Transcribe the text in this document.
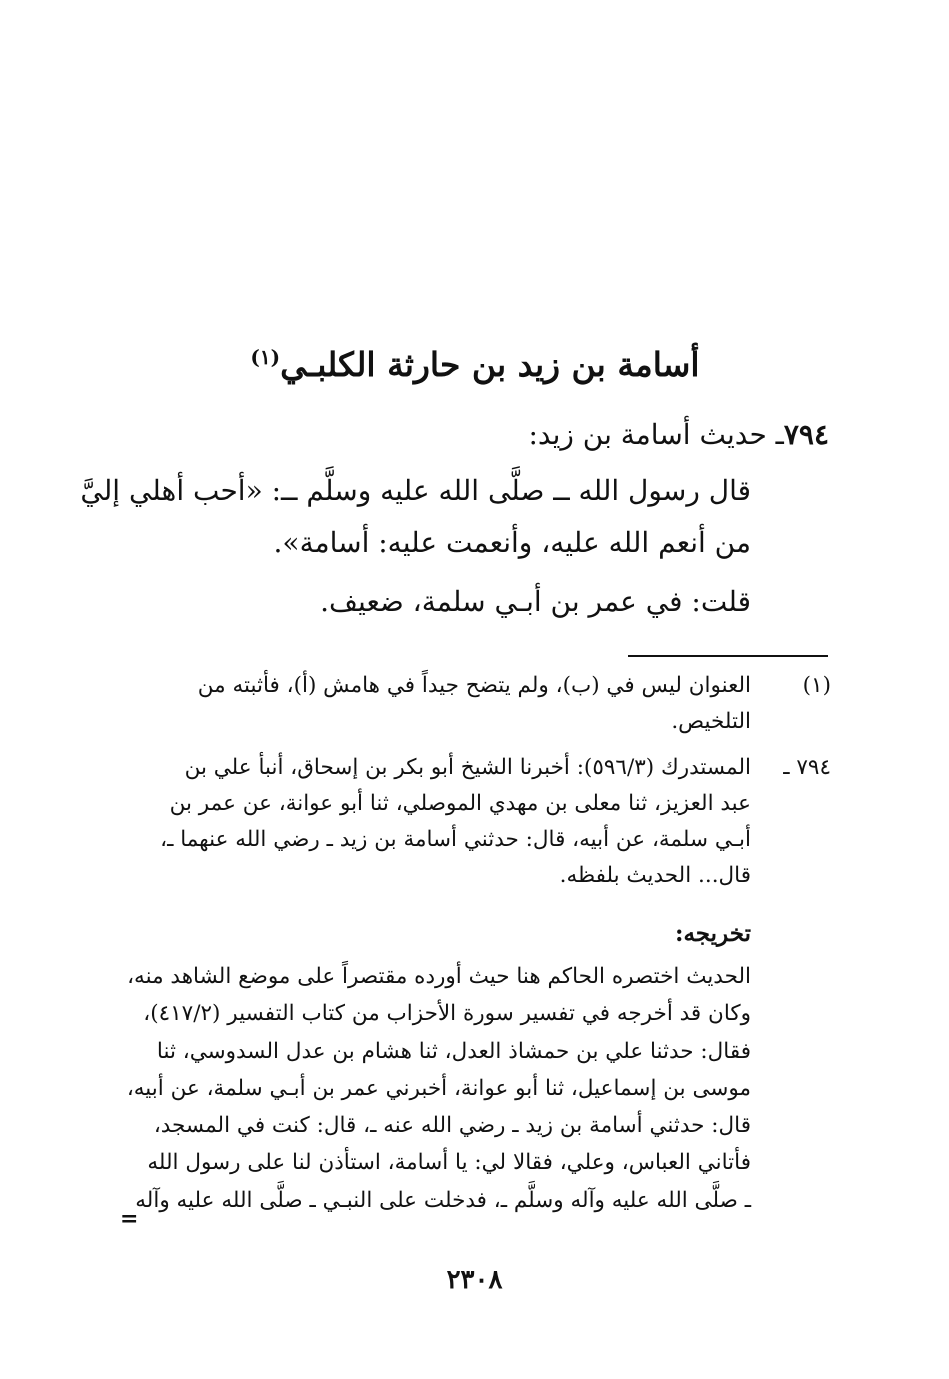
أسامة بن زيد بن حارثة الكلبـي$^{(١)}$
٧٩٤ـ حديث أسامة بن زيد:
قال رسول الله ــ صلَّى الله عليه وسلَّم ــ: «أحب أهلي إليَّ
من أنعم الله عليه، وأنعمت عليه: أسامة».
قلت: في عمر بن أبـي سلمة، ضعيف.
(١)
العنوان ليس في (ب)، ولم يتضح جيداً في هامش (أ)، فأثبته من
التلخيص.
٧٩٤ ـ
المستدرك (٥٩٦/٣): أخبرنا الشيخ أبو بكر بن إسحاق، أنبأ علي بن
عبد العزيز، ثنا معلى بن مهدي الموصلي، ثنا أبو عوانة، عن عمر بن
أبـي سلمة، عن أبيه، قال: حدثني أسامة بن زيد ـ رضي الله عنهما ـ،
قال... الحديث بلفظه.
تخريجه:
الحديث اختصره الحاكم هنا حيث أورده مقتصراً على موضع الشاهد منه،
وكان قد أخرجه في تفسير سورة الأحزاب من كتاب التفسير (٤١٧/٢)،
فقال: حدثنا علي بن حمشاذ العدل، ثنا هشام بن عدل السدوسي، ثنا
موسى بن إسماعيل، ثنا أبو عوانة، أخبرني عمر بن أبـي سلمة، عن أبيه،
قال: حدثني أسامة بن زيد ـ رضي الله عنه ـ، قال: كنت في المسجد،
فأتاني العباس، وعلي، فقالا لي: يا أسامة، استأذن لنا على رسول الله
ـ صلَّى الله عليه وآله وسلَّم ـ، فدخلت على النبـي ـ صلَّى الله عليه وآله
=
٢٣٠٨
